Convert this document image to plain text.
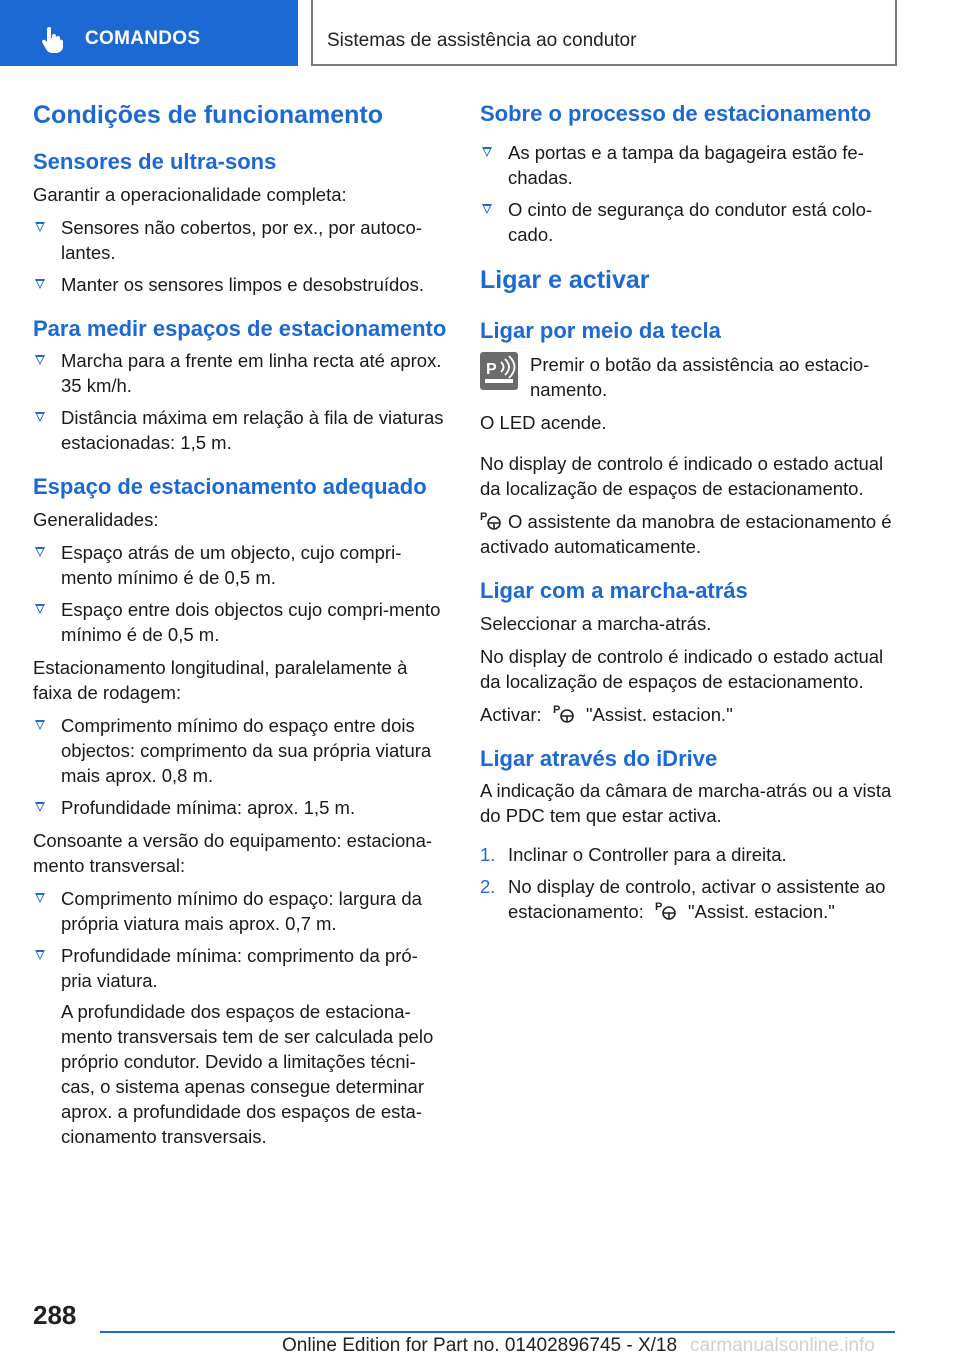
COMANDOS	Sistemas de assistência ao condutor
Condições de funcionamento
Sensores de ultra-sons

Garantir a operacionalidade completa:

Sensores não cobertos, por ex., por autoco-lantes.
Manter os sensores limpos e desobstruídos.
Para medir espaços de estacionamento
Marcha para a frente em linha recta até aprox. 35 km/h.
Distância máxima em relação à fila de viaturas estacionadas: 1,5 m.
Espaço de estacionamento adequado

Generalidades:

Espaço atrás de um objecto, cujo compri-mento mínimo é de 0,5 m.
Espaço entre dois objectos cujo compri-mento mínimo é de 0,5 m.

Estacionamento longitudinal, paralelamente à faixa de rodagem:

Comprimento mínimo do espaço entre dois objectos: comprimento da sua própria viatura mais aprox. 0,8 m.
Profundidade mínima: aprox. 1,5 m.

Consoante a versão do equipamento: estaciona-mento transversal:

Comprimento mínimo do espaço: largura da própria viatura mais aprox. 0,7 m.
Profundidade mínima: comprimento da pró-pria viatura.
A profundidade dos espaços de estaciona-mento transversais tem de ser calculada pelo próprio condutor. Devido a limitações técni-cas, o sistema apenas consegue determinar aprox. a profundidade dos espaços de esta-cionamento transversais.
Sobre o processo de estacionamento
As portas e a tampa da bagageira estão fe-chadas.
O cinto de segurança do condutor está colo-cado.
Ligar e activar
Ligar por meio da tecla
P Premir o botão da assistência ao estacio-namento.

O LED acende.

No display de controlo é indicado o estado actual da localização de espaços de estacionamento.

P O assistente da manobra de estacionamento é activado automaticamente.

Ligar com a marcha-atrás

Seleccionar a marcha-atrás.

No display de controlo é indicado o estado actual da localização de espaços de estacionamento.

Activar: P "Assist. estacion."

Ligar através do iDrive

A indicação da câmara de marcha-atrás ou a vista do PDC tem que estar activa.

1. Inclinar o Controller para a direita.
2. No display de controlo, activar o assistente ao estacionamento: P "Assist. estacion."
288
Online Edition for Part no. 01402896745 - X/18 carmanualsonline.info
